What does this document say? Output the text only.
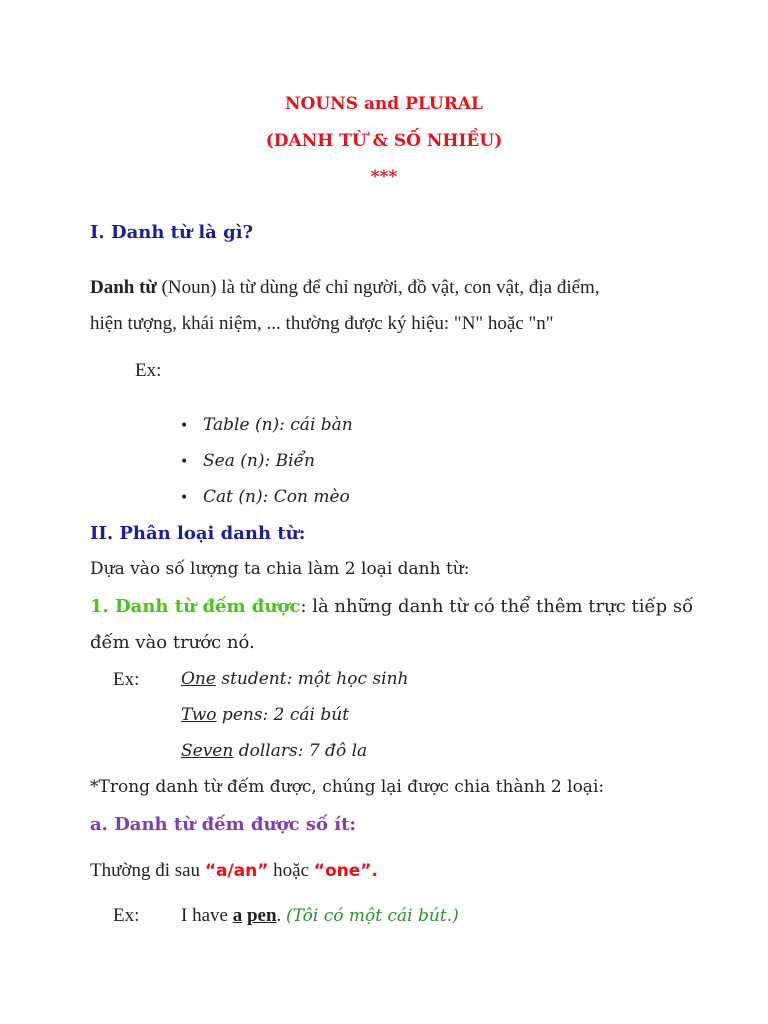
NOUNS and PLURAL
(DANH TỪ & SỐ NHIỀU)
***
I. Danh từ là gì?
Danh từ (Noun) là từ dùng để chỉ người, đồ vật, con vật, địa điểm,
hiện tượng, khái niệm, ... thường được ký hiệu: "N" hoặc "n"
Ex:
• Table (n): cái bàn
• Sea (n): Biển
• Cat (n): Con mèo
II. Phân loại danh từ:
Dựa vào số lượng ta chia làm 2 loại danh từ:
1. Danh từ đếm được: là những danh từ có thể thêm trực tiếp số
đếm vào trước nó.
Ex: One student: một học sinh
Two pens: 2 cái bút
Seven dollars: 7 đô la
*Trong danh từ đếm được, chúng lại được chia thành 2 loại:
a. Danh từ đếm được số ít:
Thường đi sau “a/an” hoặc “one”.
Ex: I have a pen. (Tôi có một cái bút.)
